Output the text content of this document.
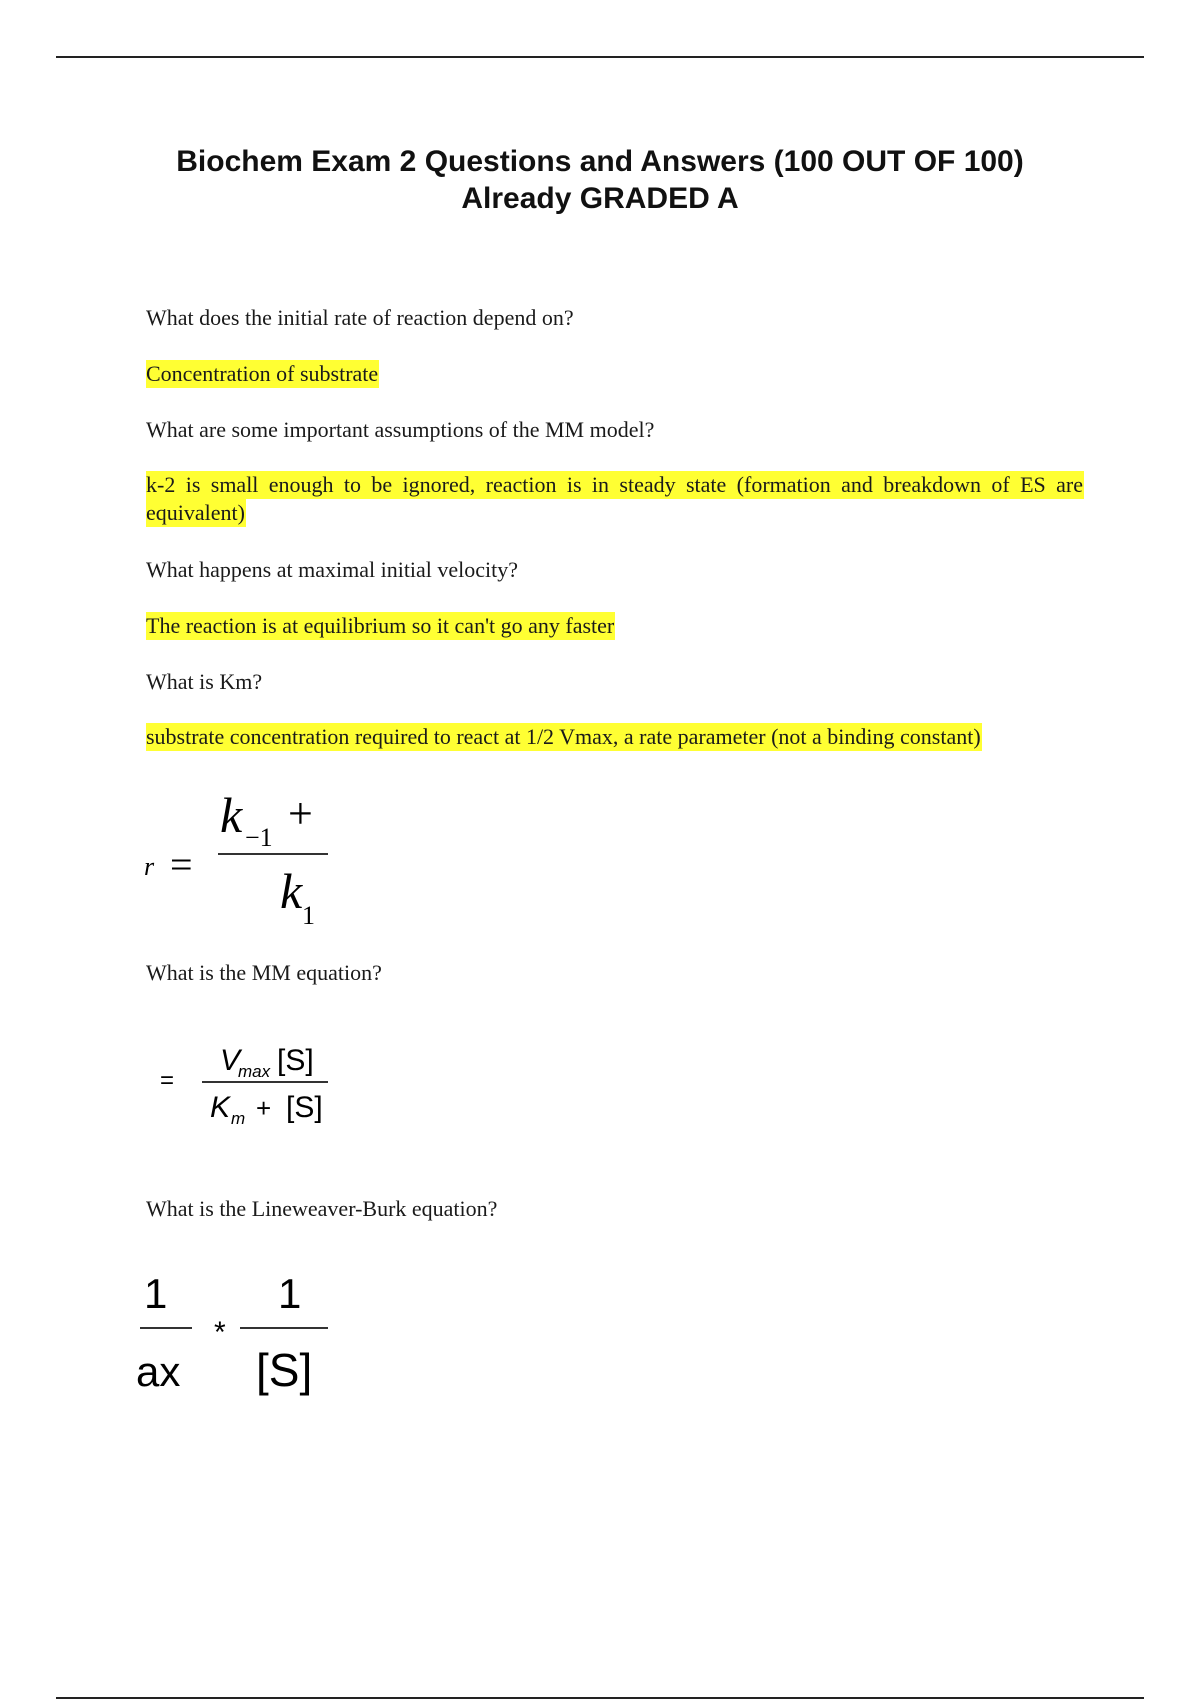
Biochem Exam 2 Questions and Answers (100 OUT OF 100)
Already GRADED A

What does the initial rate of reaction depend on?

Concentration of substrate

What are some important assumptions of the MM model?

k-2 is small enough to be ignored, reaction is in steady state (formation and breakdown of ES are equivalent)

What happens at maximal initial velocity?

The reaction is at equilibrium so it can't go any faster

What is Km?

substrate concentration required to react at 1/2 Vmax, a rate parameter (not a binding constant)

r =
k −1 +
k 1

What is the MM equation?

=
V
max [S]
K m + [S]

What is the Lineweaver-Burk equation?

1
ax
*
1
[S]
